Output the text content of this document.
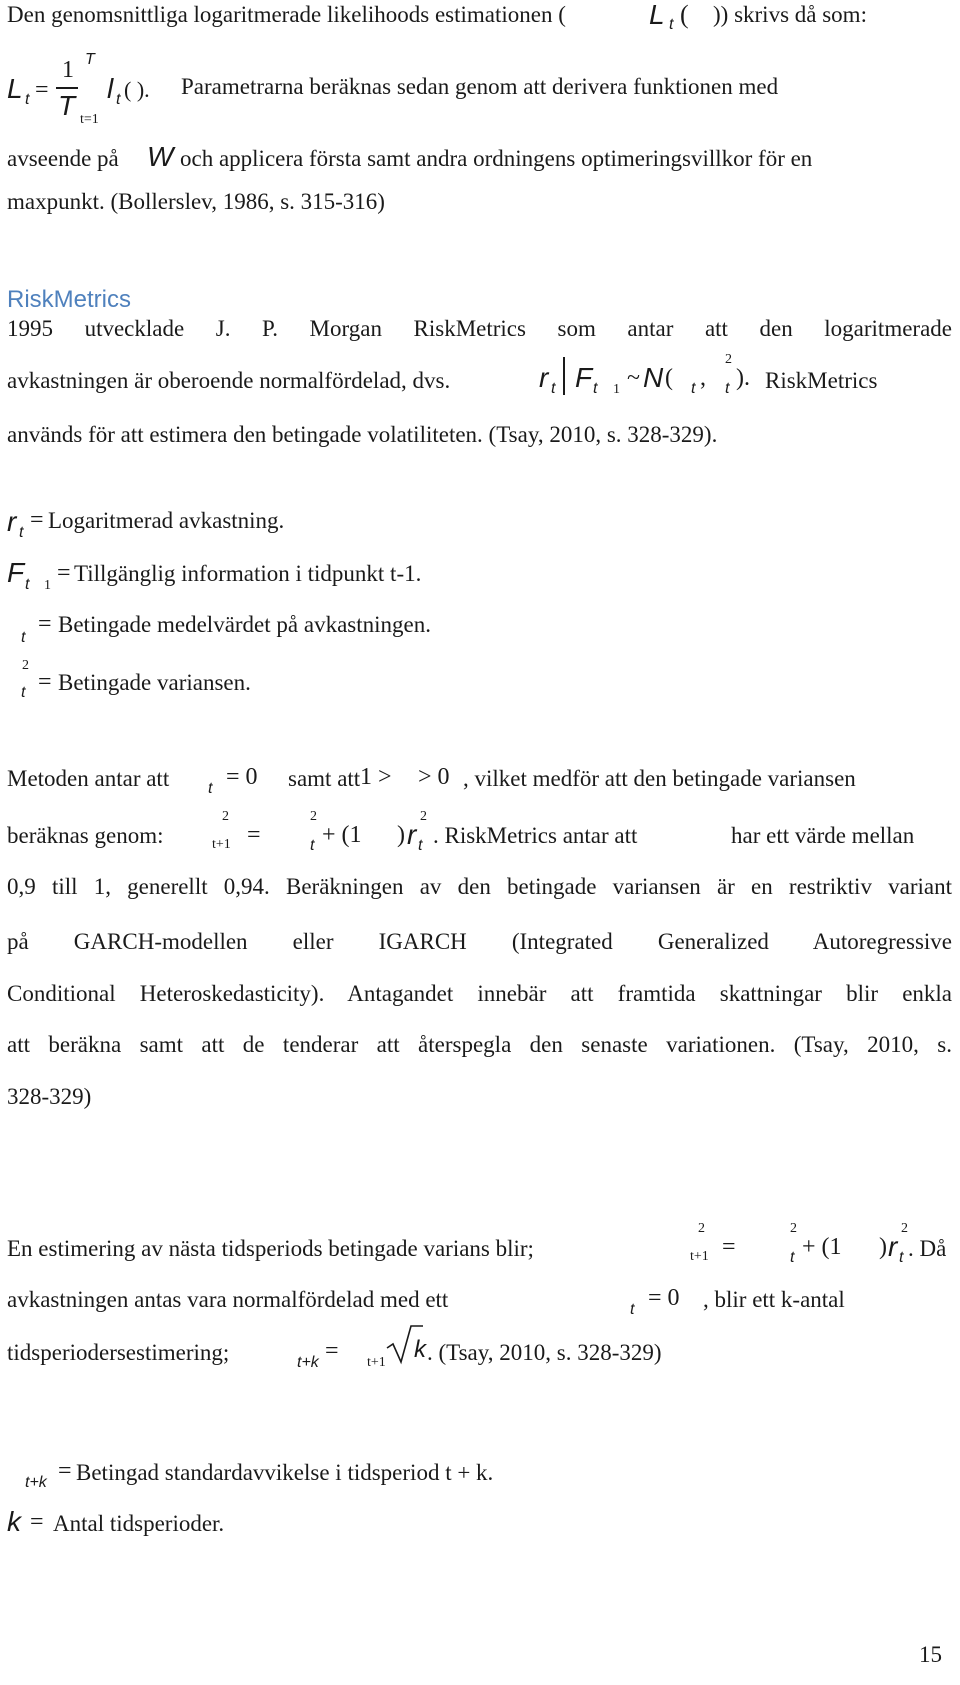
Den genomsnittliga logaritmerade likelihoods estimationen (	L t ( )) skrivs då som:
L t =
1
T
T
t=1
l t ( ). Parametrarna beräknas sedan genom att derivera funktionen med
avseende på W och applicera första samt andra ordningens optimeringsvillkor för en
maxpunkt. (Bollerslev, 1986, s. 315-316)
RiskMetrics
1995 utvecklade J. P. Morgan RiskMetrics som antar att den logaritmerade
avkastningen är oberoende normalfördelad, dvs.	r t F t 1 ~ N ( t ,
2
t ). RiskMetrics
används för att estimera den betingade volatiliteten. (Tsay, 2010, s. 328-329).
r t = Logaritmerad avkastning.
F t 1 = Tillgänglig information i tidpunkt t-1.
t
= Betingade medelvärdet på avkastningen.
2
t = Betingade variansen.
Metoden antar att t = 0 samt att 1 > > 0 , vilket medför att den betingade variansen
beräknas genom:
2
t+1 =
2
t + (1 ) r
2
t . RiskMetrics antar att	har ett värde mellan
0,9 till 1, generellt 0,94. Beräkningen av den betingade variansen är en restriktiv variant
på GARCH-modellen eller IGARCH (Integrated Generalized Autoregressive
Conditional Heteroskedasticity). Antagandet innebär att framtida skattningar blir enkla
att beräkna samt att de tenderar att återspegla den senaste variationen. (Tsay, 2010, s.
328-329)
En estimering av nästa tidsperiods betingade varians blir;
2
t+1 =
2
t + (1 ) r
2
t . Då
avkastningen antas vara normalfördelad med ett	t = 0 , blir ett k-antal
tidsperiodersestimering;	t+k = t+1 k . (Tsay, 2010, s. 328-329)
t+k = Betingad standardavvikelse i tidsperiod t + k.
k = Antal tidsperioder.
15
